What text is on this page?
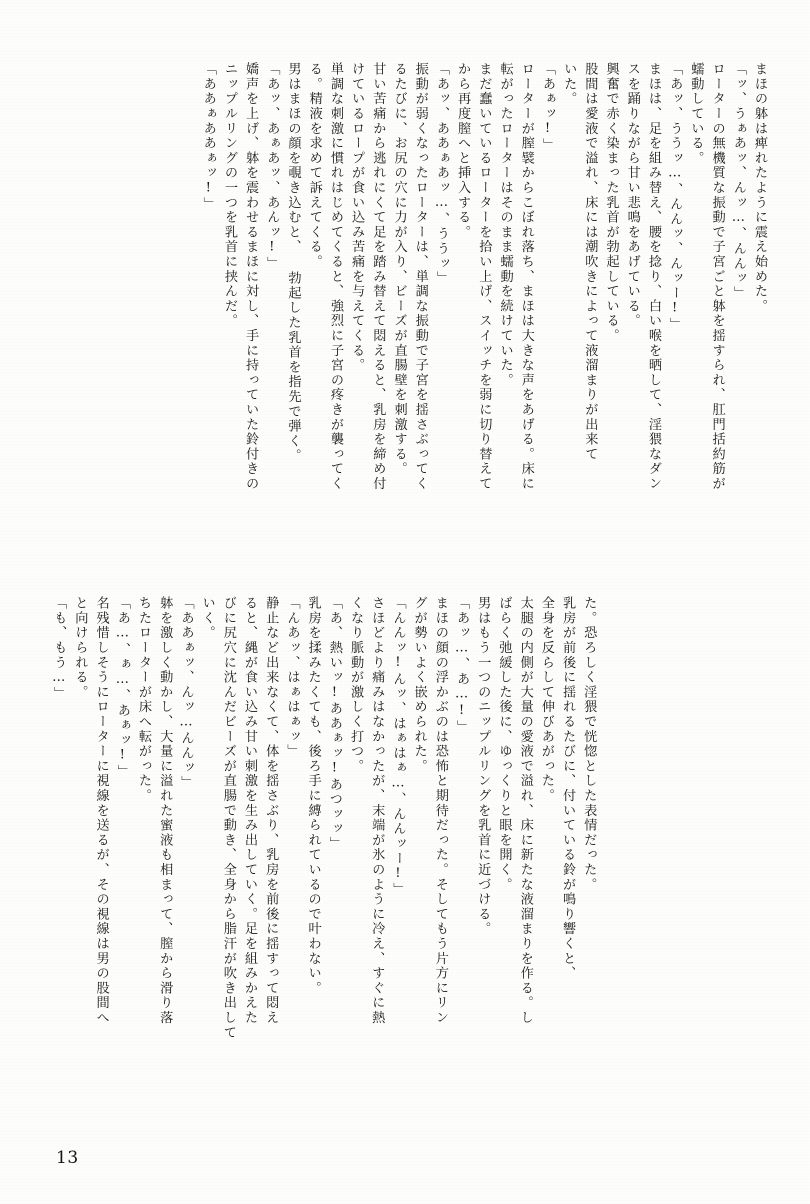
まほの躰は痺れたように震え始めた。
「ッ、うぁあッ、んッ…、んんッ」
ローターの無機質な振動で子宮ごと躰を揺すられ、肛門括約筋が
蠕動している。
「あッ、ううッ…、んんッ、んッー!」
まほは、足を組み替え、腰を捻り、白い喉を晒して、淫猥なダン
スを踊りながら甘い悲鳴をあげている。
興奮で赤く染まった乳首が勃起している。
股間は愛液で溢れ、床には潮吹きによって液溜まりが出来て
いた。
「あぁッ!」
ローターが膣襞からこぼれ落ち、まほは大きな声をあげる。床に
転がったローターはそのまま蠕動を続けていた。
まだ蠢いているローターを拾い上げ、スイッチを弱に切り替えて
から再度膣へと挿入する。
「あッ、ああぁあッ…、ううッ」
振動が弱くなったローターは、単調な振動で子宮を揺さぶってく
るたびに、お尻の穴に力が入り、ビーズが直腸壁を刺激する。
甘い苦痛から逃れにくて足を踏み替えて悶えると、乳房を締め付
けているロープが食い込み苦痛を与えてくる。
単調な刺激に慣れはじめてくると、強烈に子宮の疼きが襲ってく
る。精液を求めて訴えてくる。
男はまほの顔を覗き込むと、 勃起した乳首を指先で弾く。
「あッ、あぁあッ、あんッ!」
嬌声を上げ、躰を震わせるまほに対し、手に持っていた鈴付きの
ニップルリングの一つを乳首に挟んだ。
「ああぁああぁッ!」
た。恐ろしく淫猥で恍惚とした表情だった。
乳房が前後に揺れるたびに、付いている鈴が鳴り響くと、
全身を反らして伸びあがった。
太腿の内側が大量の愛液で溢れ、床に新たな液溜まりを作る。し
ばらく弛緩した後に、ゆっくりと眼を開く。
男はもう一つのニップルリングを乳首に近づける。
「あッ…、あ…!」
まほの顔の浮かぶのは恐怖と期待だった。そしてもう片方にリン
グが勢いよく嵌められた。
「んんッ!んッ、はぁはぁ…、んんッー!」
さほどより痛みはなかったが、末端が氷のように冷え、すぐに熱
くなり脈動が激しく打つ。
「あ、熱いッ!ああぁッ!あつッッ」
乳房を揉みたくても、後ろ手に縛られているので叶わない。
「んあッ、はぁはぁッ」
静止など出来なくて、体を揺さぶり、乳房を前後に揺すって悶え
ると、縄が食い込み甘い刺激を生み出していく。足を組みかえた
びに尻穴に沈んだビーズが直腸で動き、全身から脂汗が吹き出して
いく。
「ああぁッ、んッ…んんッ」
躰を激しく動かし、大量に溢れた蜜液も相まって、膣から滑り落
ちたローターが床へ転がった。
「あ…、ぁ…、あぁッ!」
名残惜しそうにローターに視線を送るが、その視線は男の股間へ
と向けられる。
「も、もう…」
13
